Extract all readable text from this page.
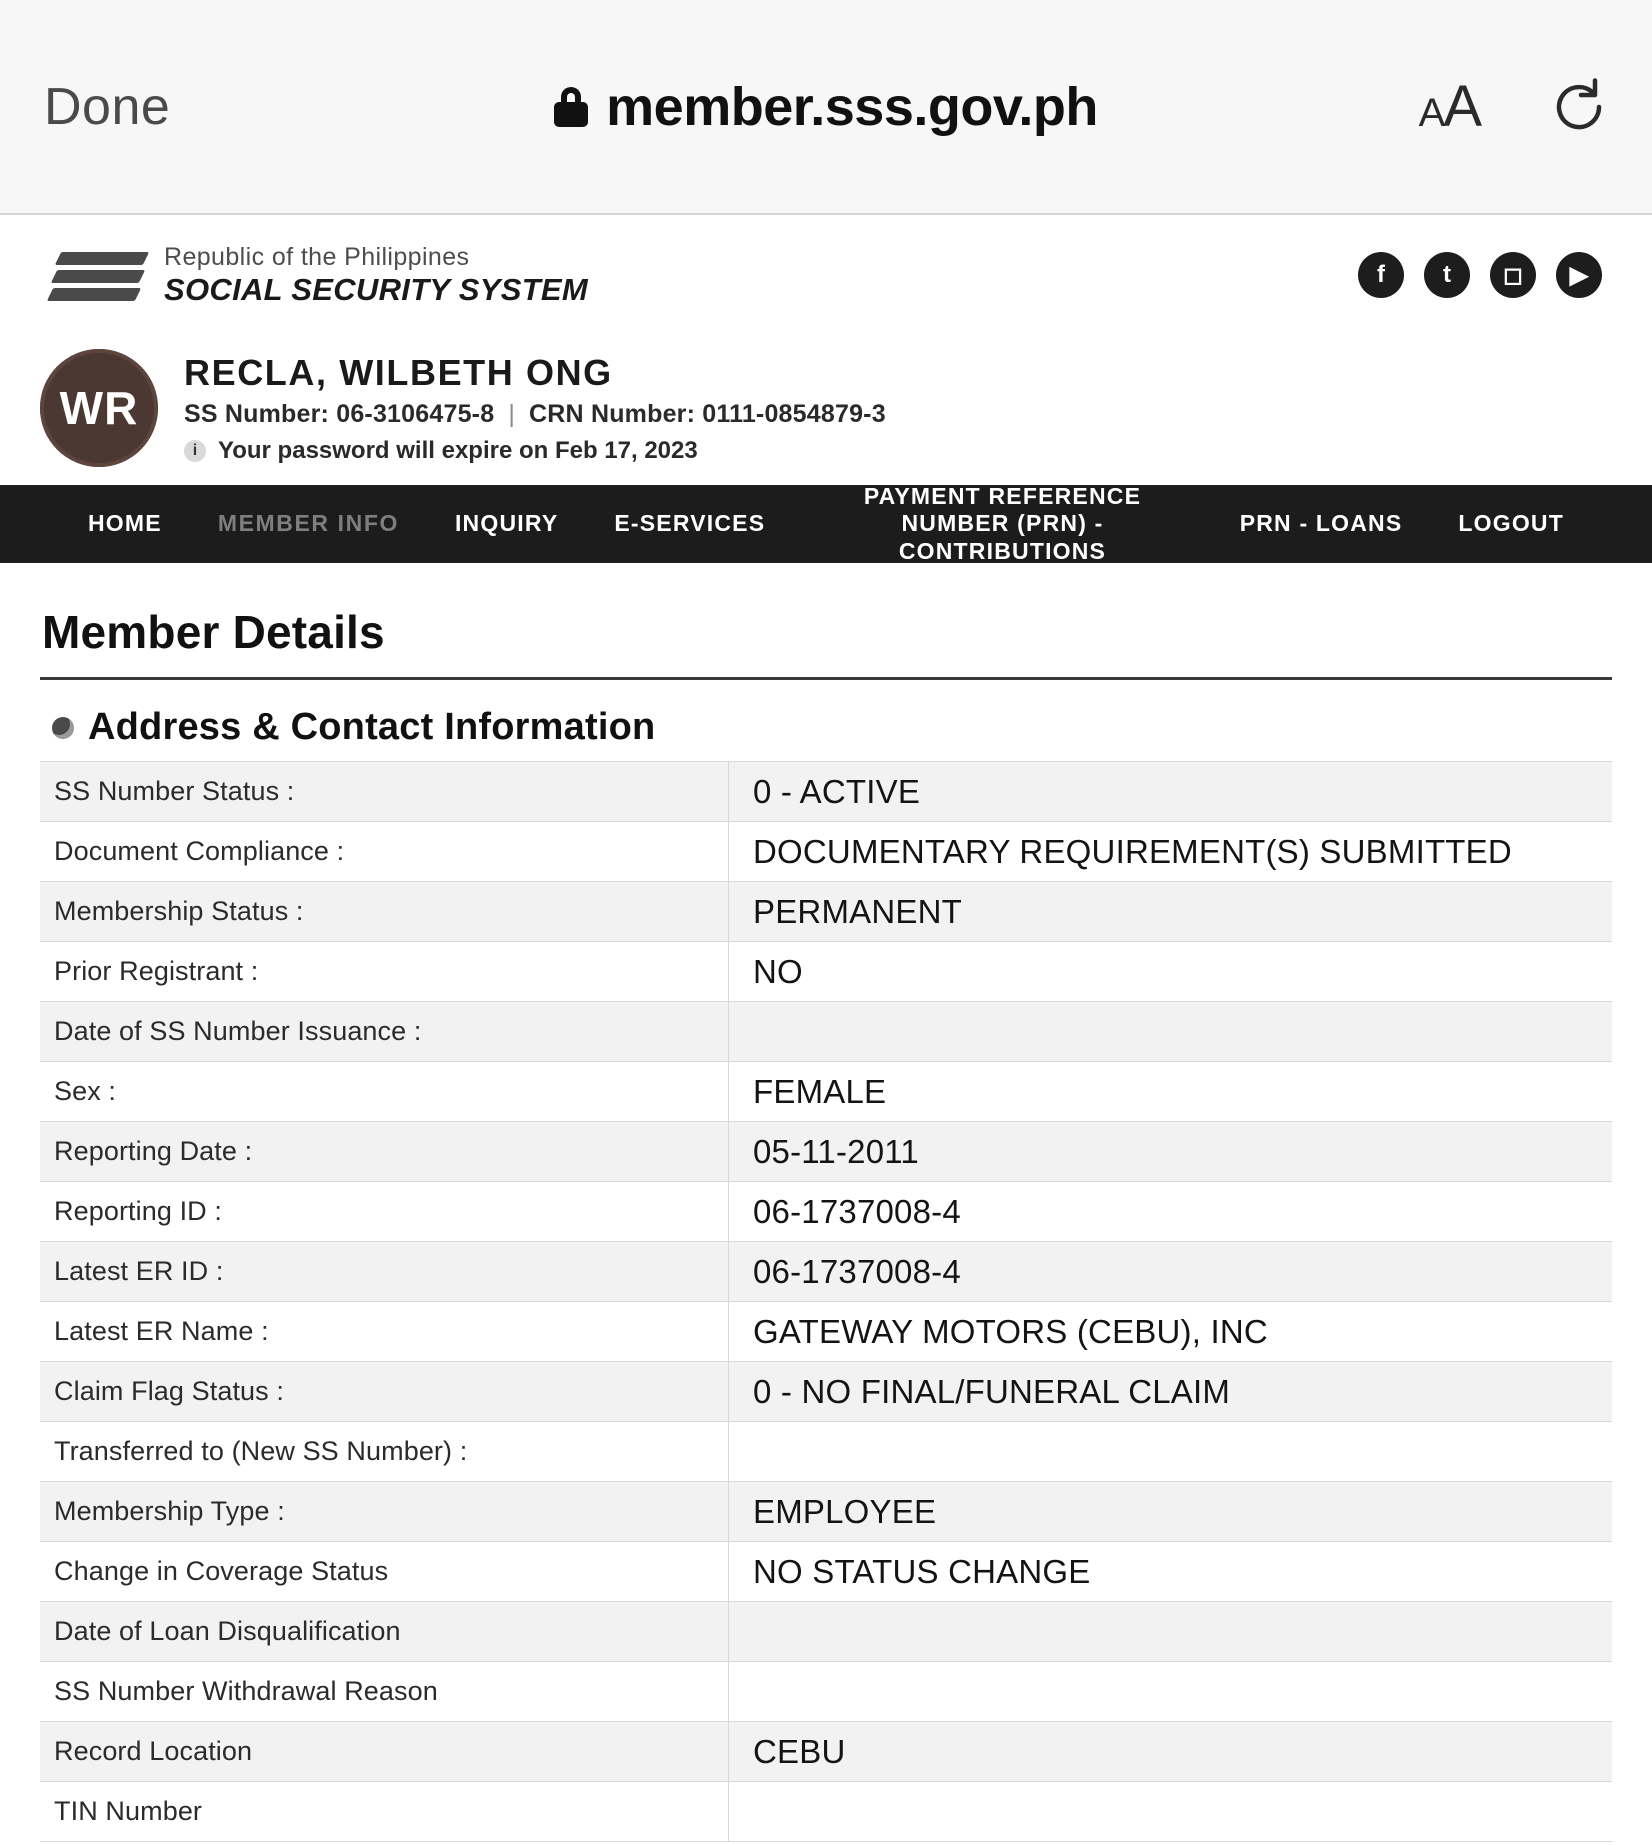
Done	member.sss.gov.ph	A A
Republic of the Philippines
SOCIAL SECURITY SYSTEM	f	t	◻	▶
WR
RECLA, WILBETH ONG
SS Number: 06-3106475-8 | CRN Number: 0111-0854879-3
i Your password will expire on Feb 17, 2023
HOME	MEMBER INFO	INQUIRY	E-SERVICES
PAYMENT REFERENCE NUMBER (PRN) - CONTRIBUTIONS
PRN - LOANS	LOGOUT
Member Details
Address & Contact Information
SS Number Status :	0 - ACTIVE
Document Compliance :	DOCUMENTARY REQUIREMENT(S) SUBMITTED
Membership Status :	PERMANENT
Prior Registrant :	NO
Date of SS Number Issuance :	
Sex :	FEMALE
Reporting Date :	05-11-2011
Reporting ID :	06-1737008-4
Latest ER ID :	06-1737008-4
Latest ER Name :	GATEWAY MOTORS (CEBU), INC
Claim Flag Status :	0 - NO FINAL/FUNERAL CLAIM
Transferred to (New SS Number) :	
Membership Type :	EMPLOYEE
Change in Coverage Status	NO STATUS CHANGE
Date of Loan Disqualification	
SS Number Withdrawal Reason	
Record Location	CEBU
TIN Number	
